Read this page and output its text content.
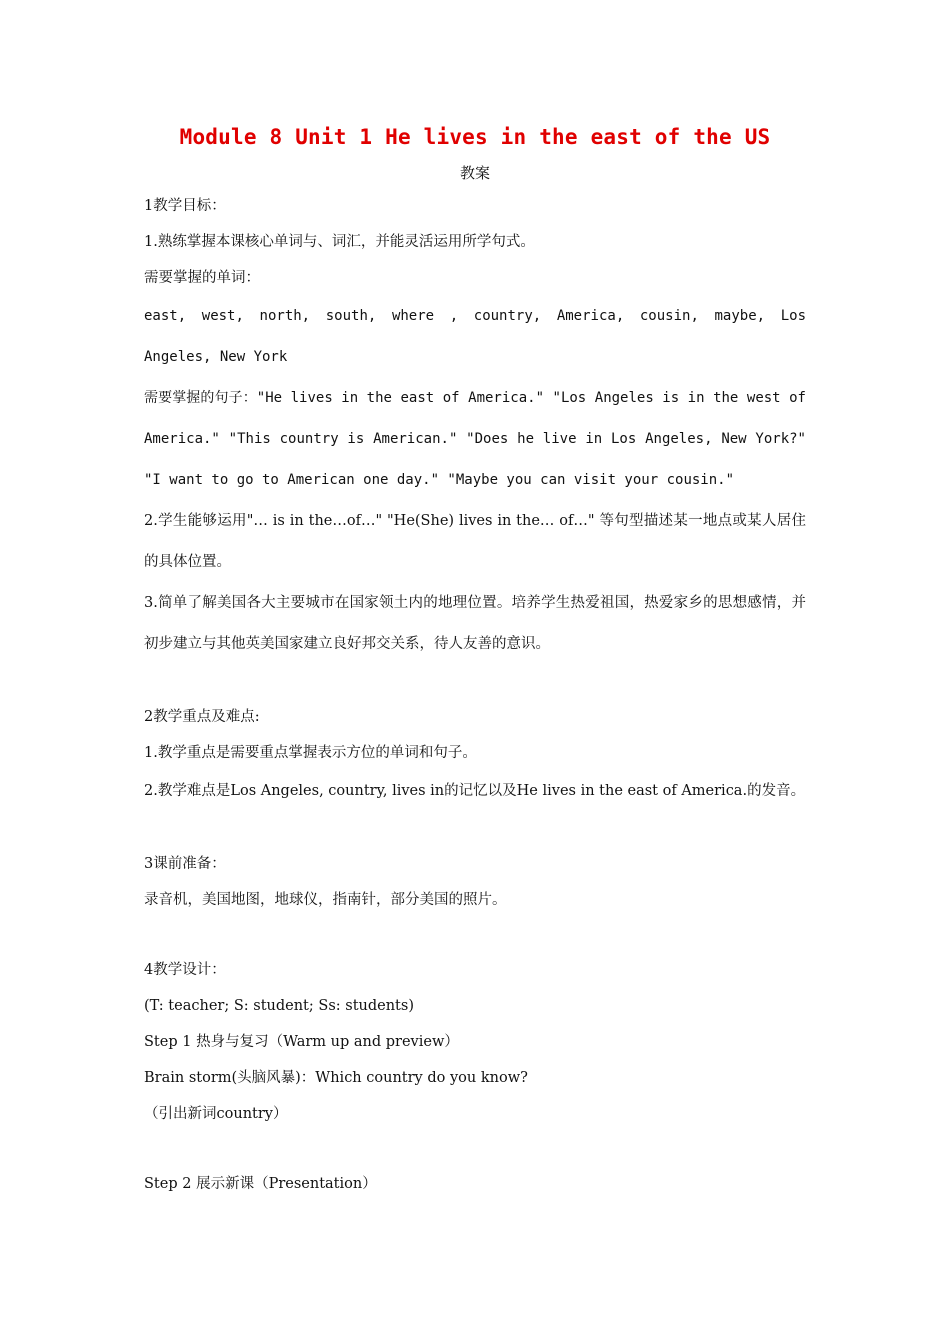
Module 8 Unit 1 He lives in the east of the US

教案

1教学目标：

1.熟练掌握本课核心单词与、词汇，并能灵活运用所学句式。

需要掌握的单词：

east, west, north, south, where , country, America, cousin, maybe, Los Angeles, New York

需要掌握的句子："He lives in the east of America." "Los Angeles is in the west of America." "This country is American." "Does he live in Los Angeles, New York?" "I want to go to American one day." "Maybe you can visit your cousin."

2.学生能够运用"… is in the…of…" "He(She) lives in the… of…" 等句型描述某一地点或某人居住的具体位置。

3.简单了解美国各大主要城市在国家领土内的地理位置。培养学生热爱祖国，热爱家乡的思想感情，并初步建立与其他英美国家建立良好邦交关系，待人友善的意识。

2教学重点及难点:

1.教学重点是需要重点掌握表示方位的单词和句子。

2.教学难点是Los Angeles, country, lives in的记忆以及He lives in the east of America.的发音。

3课前准备：

录音机，美国地图，地球仪，指南针，部分美国的照片。

4教学设计：

(T: teacher; S: student; Ss: students)

Step 1 热身与复习（Warm up and preview）

Brain storm(头脑风暴)：Which country do you know?

（引出新词country）

Step 2 展示新课（Presentation）
